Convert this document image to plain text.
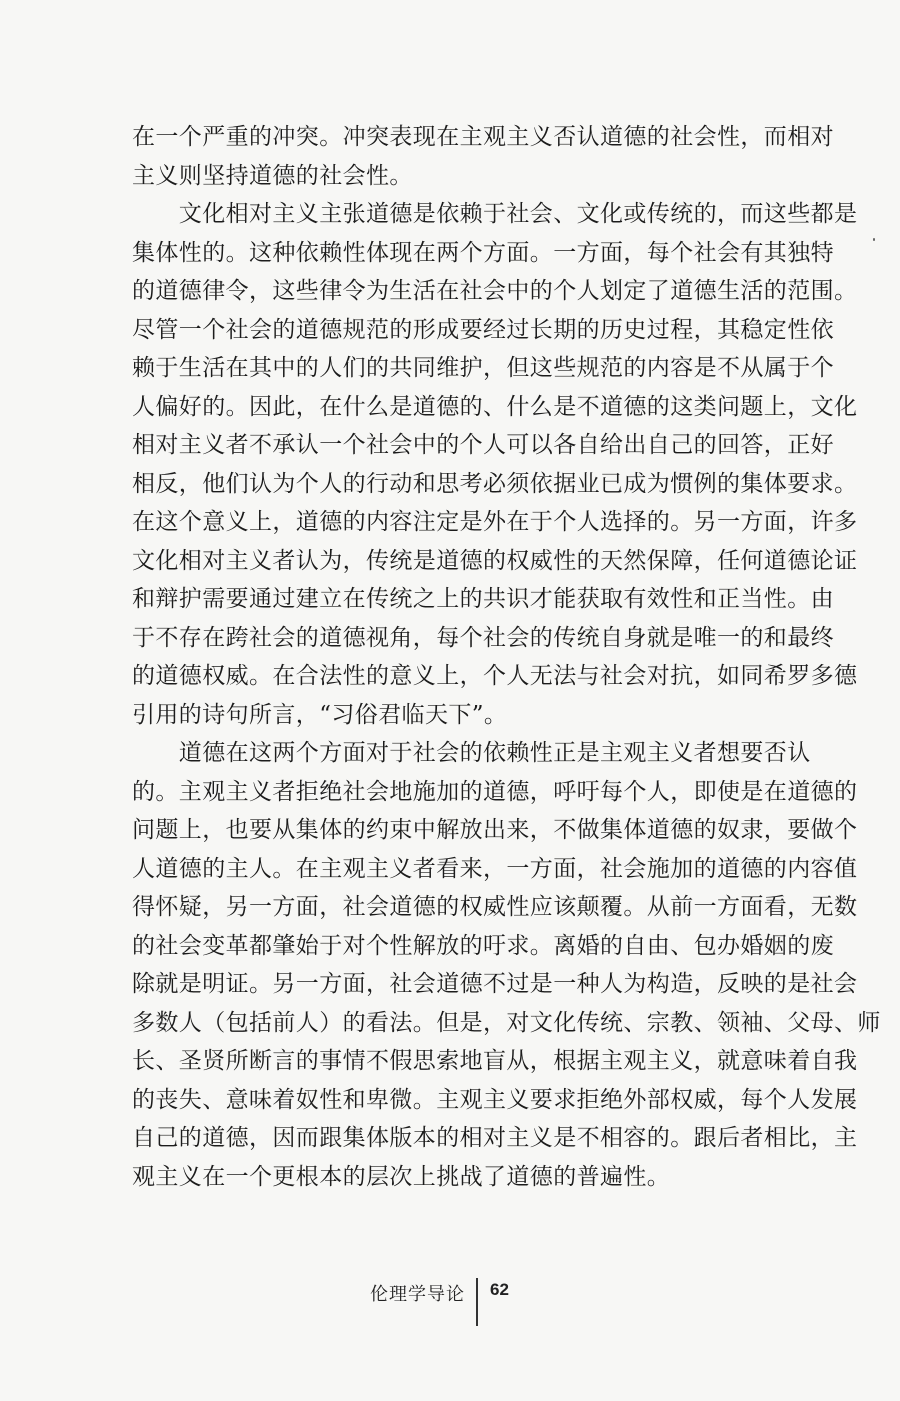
在一个严重的冲突。冲突表现在主观主义否认道德的社会性，而相对
主义则坚持道德的社会性。
　　文化相对主义主张道德是依赖于社会、文化或传统的，而这些都是
集体性的。这种依赖性体现在两个方面。一方面，每个社会有其独特
的道德律令，这些律令为生活在社会中的个人划定了道德生活的范围。
尽管一个社会的道德规范的形成要经过长期的历史过程，其稳定性依
赖于生活在其中的人们的共同维护，但这些规范的内容是不从属于个
人偏好的。因此，在什么是道德的、什么是不道德的这类问题上，文化
相对主义者不承认一个社会中的个人可以各自给出自己的回答，正好
相反，他们认为个人的行动和思考必须依据业已成为惯例的集体要求。
在这个意义上，道德的内容注定是外在于个人选择的。另一方面，许多
文化相对主义者认为，传统是道德的权威性的天然保障，任何道德论证
和辩护需要通过建立在传统之上的共识才能获取有效性和正当性。由
于不存在跨社会的道德视角，每个社会的传统自身就是唯一的和最终
的道德权威。在合法性的意义上，个人无法与社会对抗，如同希罗多德
引用的诗句所言，“习俗君临天下”。
　　道德在这两个方面对于社会的依赖性正是主观主义者想要否认
的。主观主义者拒绝社会地施加的道德，呼吁每个人，即使是在道德的
问题上，也要从集体的约束中解放出来，不做集体道德的奴隶，要做个
人道德的主人。在主观主义者看来，一方面，社会施加的道德的内容值
得怀疑，另一方面，社会道德的权威性应该颠覆。从前一方面看，无数
的社会变革都肇始于对个性解放的吁求。离婚的自由、包办婚姻的废
除就是明证。另一方面，社会道德不过是一种人为构造，反映的是社会
多数人（包括前人）的看法。但是，对文化传统、宗教、领袖、父母、师
长、圣贤所断言的事情不假思索地盲从，根据主观主义，就意味着自我
的丧失、意味着奴性和卑微。主观主义要求拒绝外部权威，每个人发展
自己的道德，因而跟集体版本的相对主义是不相容的。跟后者相比，主
观主义在一个更根本的层次上挑战了道德的普遍性。
伦理学导论 62
